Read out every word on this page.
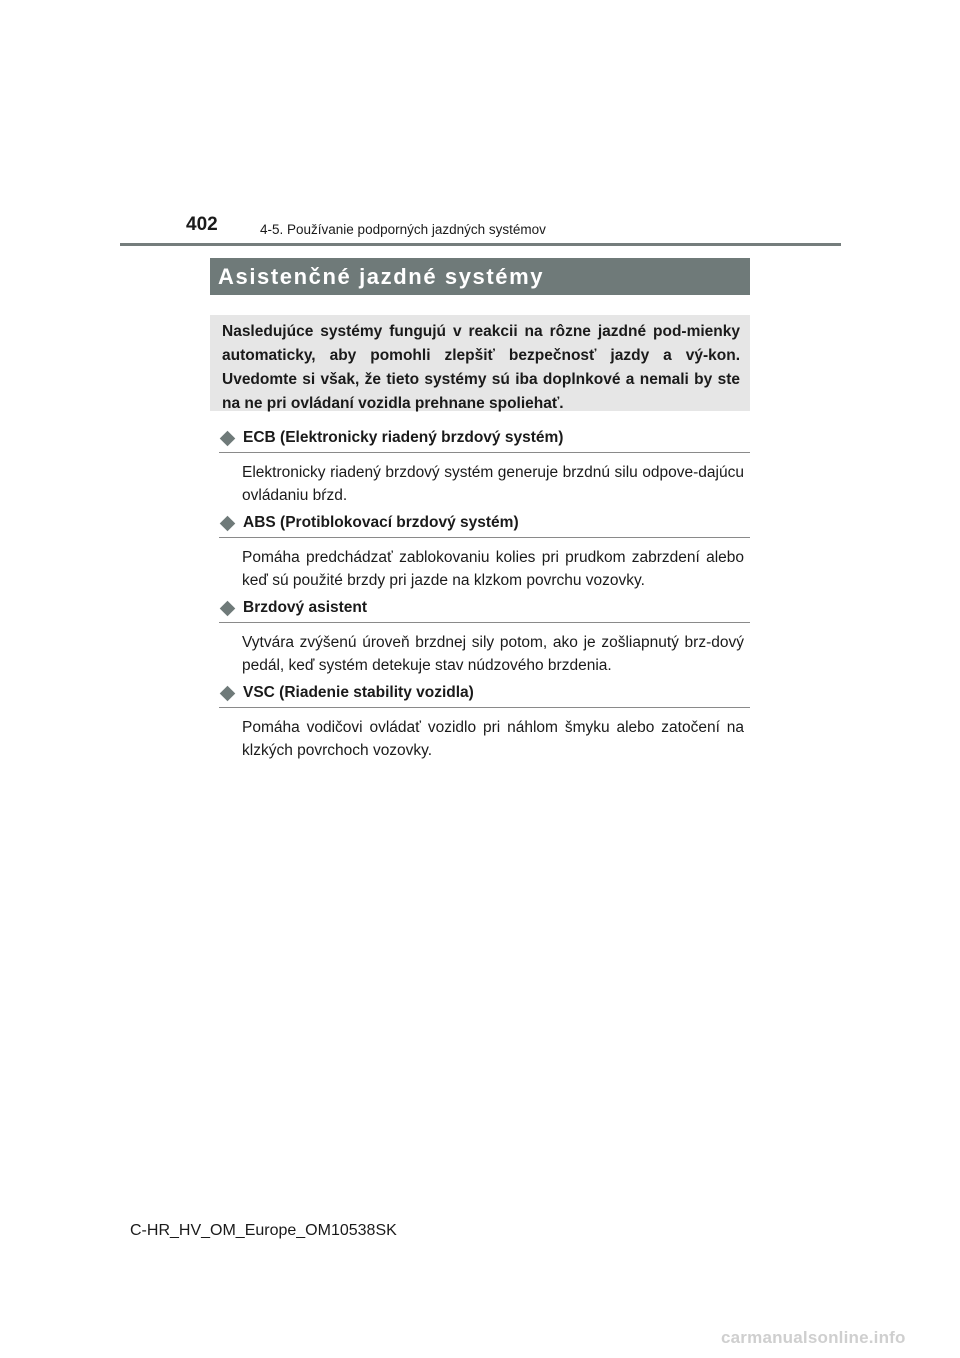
402	4-5. Používanie podporných jazdných systémov
Asistenčné jazdné systémy

Nasledujúce systémy fungujú v reakcii na rôzne jazdné pod-mienky automaticky, aby pomohli zlepšiť bezpečnosť jazdy a vý-kon. Uvedomte si však, že tieto systémy sú iba doplnkové a nemali by ste na ne pri ovládaní vozidla prehnane spoliehať.

ECB (Elektronicky riadený brzdový systém)
Elektronicky riadený brzdový systém generuje brzdnú silu odpove-dajúcu ovládaniu bŕzd.
ABS (Protiblokovací brzdový systém)
Pomáha predchádzať zablokovaniu kolies pri prudkom zabrzdení alebo keď sú použité brzdy pri jazde na klzkom povrchu vozovky.
Brzdový asistent
Vytvára zvýšenú úroveň brzdnej sily potom, ako je zošliapnutý brz-dový pedál, keď systém detekuje stav núdzového brzdenia.
VSC (Riadenie stability vozidla)
Pomáha vodičovi ovládať vozidlo pri náhlom šmyku alebo zatočení na klzkých povrchoch vozovky.
C-HR_HV_OM_Europe_OM10538SK
carmanualsonline.info
